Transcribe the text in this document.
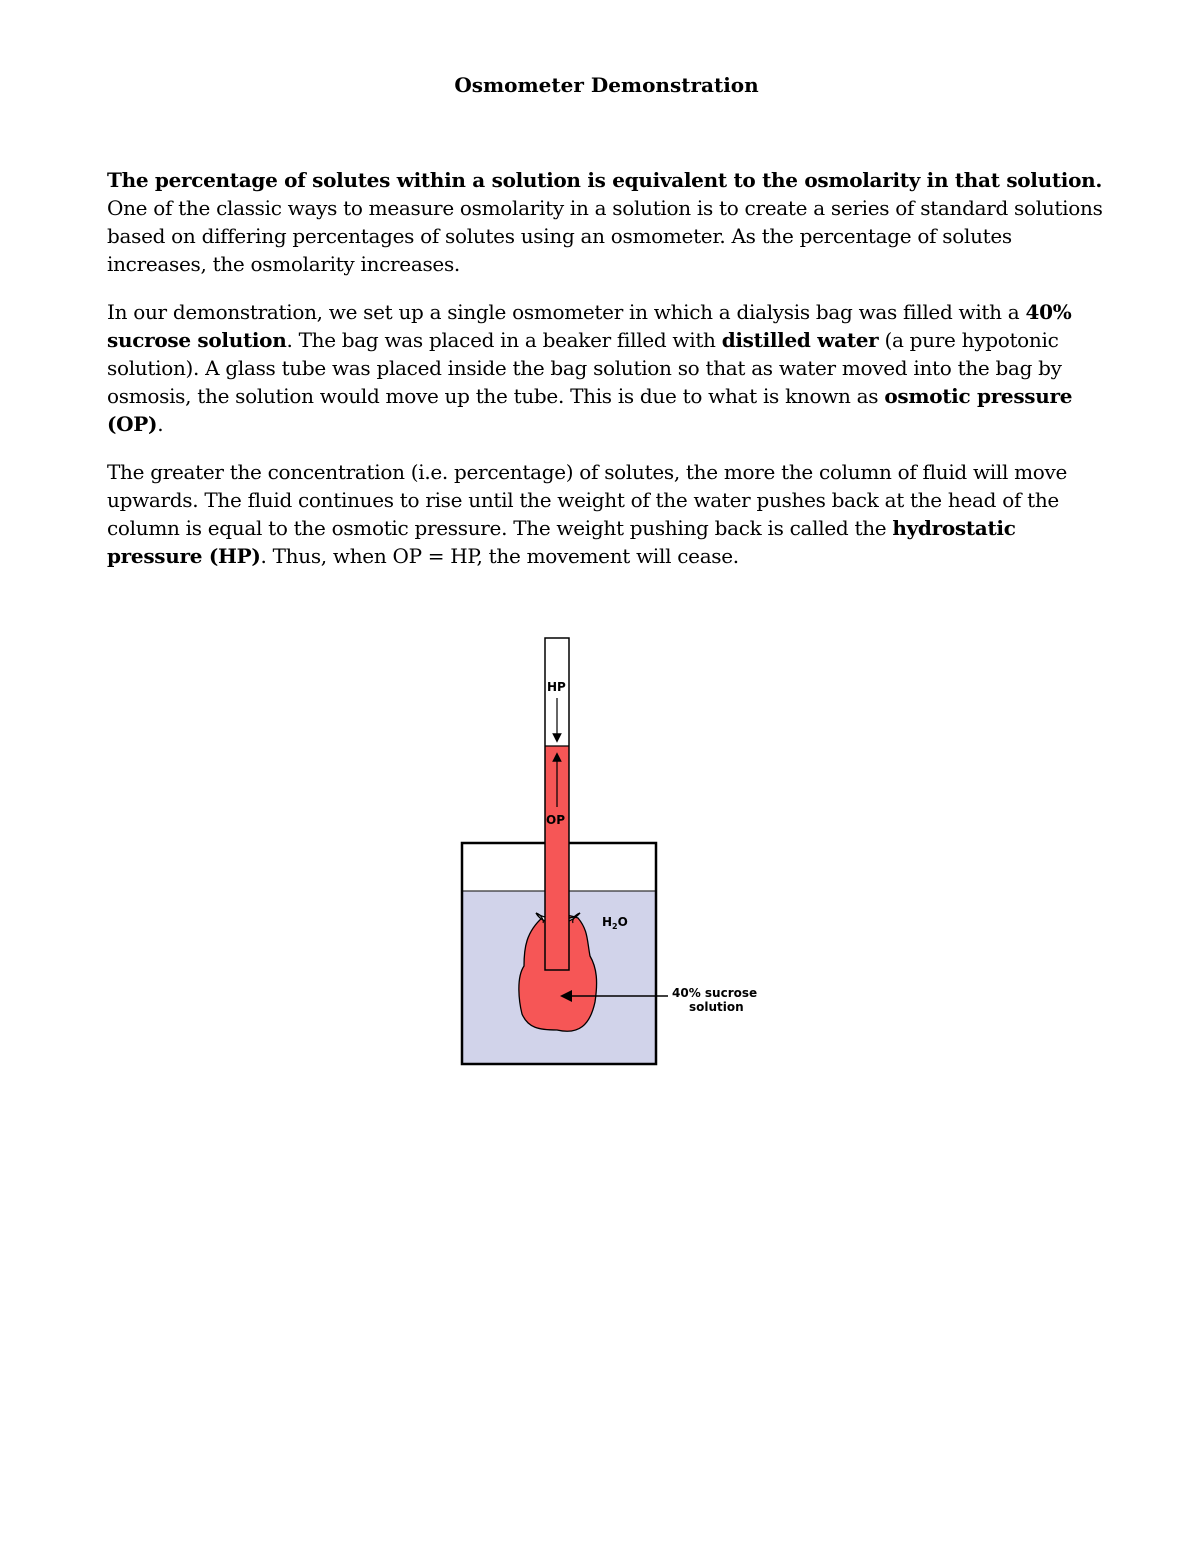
Osmometer Demonstration

The percentage of solutes within a solution is equivalent to the osmolarity in that solution. One of the classic ways to measure osmolarity in a solution is to create a series of standard solutions based on differing percentages of solutes using an osmometer. As the percentage of solutes increases, the osmolarity increases.

In our demonstration, we set up a single osmometer in which a dialysis bag was filled with a 40% sucrose solution. The bag was placed in a beaker filled with distilled water (a pure hypotonic solution). A glass tube was placed inside the bag solution so that as water moved into the bag by osmosis, the solution would move up the tube. This is due to what is known as osmotic pressure (OP).

The greater the concentration (i.e. percentage) of solutes, the more the column of fluid will move upwards. The fluid continues to rise until the weight of the water pushes back at the head of the column is equal to the osmotic pressure. The weight pushing back is called the hydrostatic pressure (HP). Thus, when OP = HP, the movement will cease.

HP
OP
$H_2O$
40% sucrose
solution
